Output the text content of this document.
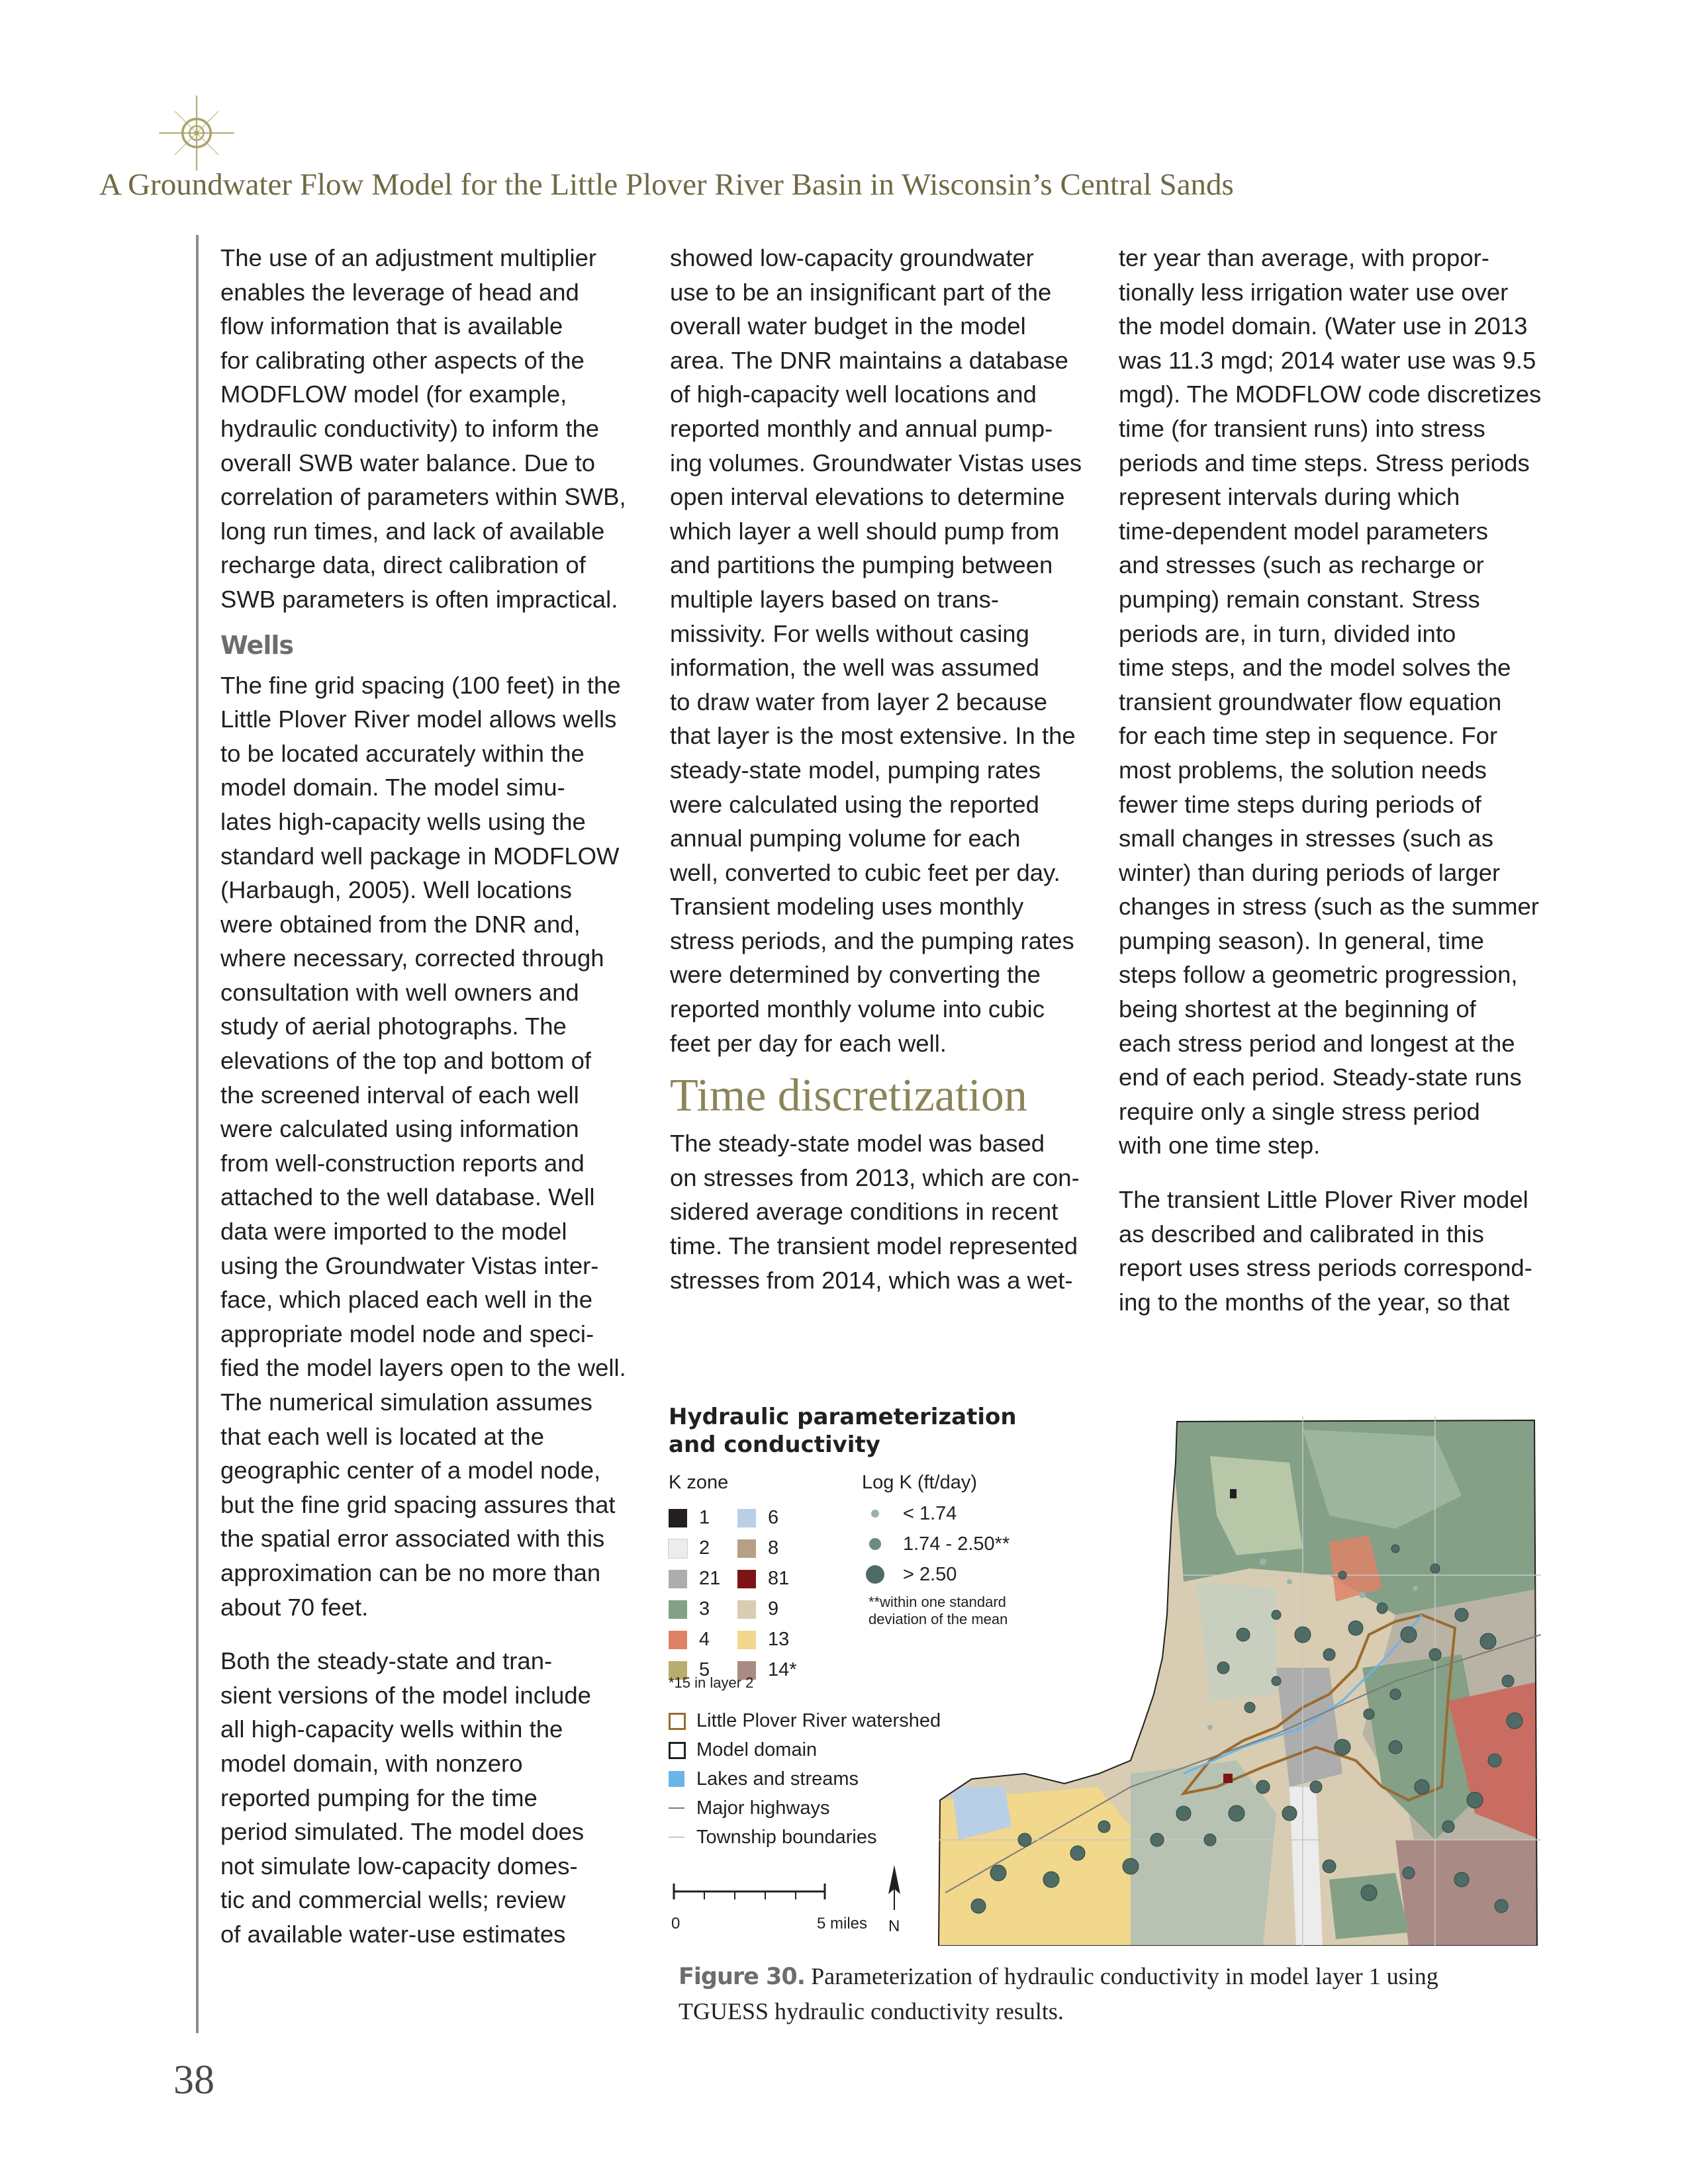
A Groundwater Flow Model for the Little Plover River Basin in Wisconsin’s Central Sands
38

The use of an adjustment multiplier

enables the leverage of head and

flow information that is available

for calibrating other aspects of the

MODFLOW model (for example,

hydraulic conductivity) to inform the

overall SWB water balance. Due to

correlation of parameters within SWB,

long run times, and lack of available

recharge data, direct calibration of

SWB parameters is often impractical.

Wells

The fine grid spacing (100 feet) in the

Little Plover River model allows wells

to be located accurately within the

model domain. The model simu-

lates high-capacity wells using the

standard well package in MODFLOW

(Harbaugh, 2005). Well locations

were obtained from the DNR and,

where necessary, corrected through

consultation with well owners and

study of aerial photographs. The

elevations of the top and bottom of

the screened interval of each well

were calculated using information

from well-construction reports and

attached to the well database. Well

data were imported to the model

using the Groundwater Vistas inter-

face, which placed each well in the

appropriate model node and speci-

fied the model layers open to the well.

The numerical simulation assumes

that each well is located at the

geographic center of a model node,

but the fine grid spacing assures that

the spatial error associated with this

approximation can be no more than

about 70 feet.

Both the steady-state and tran-

sient versions of the model include

all high-capacity wells within the

model domain, with nonzero

reported pumping for the time

period simulated. The model does

not simulate low-capacity domes-

tic and commercial wells; review

of available water-use estimates

showed low-capacity groundwater

use to be an insignificant part of the

overall water budget in the model

area. The DNR maintains a database

of high-capacity well locations and

reported monthly and annual pump-

ing volumes. Groundwater Vistas uses

open interval elevations to determine

which layer a well should pump from

and partitions the pumping between

multiple layers based on trans-

missivity. For wells without casing

information, the well was assumed

to draw water from layer 2 because

that layer is the most extensive. In the

steady-state model, pumping rates

were calculated using the reported

annual pumping volume for each

well, converted to cubic feet per day.

Transient modeling uses monthly

stress periods, and the pumping rates

were determined by converting the

reported monthly volume into cubic

feet per day for each well.

Time discretization

The steady-state model was based

on stresses from 2013, which are con-

sidered average conditions in recent

time. The transient model represented

stresses from 2014, which was a wet-

ter year than average, with propor-

tionally less irrigation water use over

the model domain. (Water use in 2013

was 11.3 mgd; 2014 water use was 9.5

mgd). The MODFLOW code discretizes

time (for transient runs) into stress

periods and time steps. Stress periods

represent intervals during which

time-dependent model parameters

and stresses (such as recharge or

pumping) remain constant. Stress

periods are, in turn, divided into

time steps, and the model solves the

transient groundwater flow equation

for each time step in sequence. For

most problems, the solution needs

fewer time steps during periods of

small changes in stresses (such as

winter) than during periods of larger

changes in stress (such as the summer

pumping season). In general, time

steps follow a geometric progression,

being shortest at the beginning of

each stress period and longest at the

end of each period. Steady-state runs

require only a single stress period

with one time step.

The transient Little Plover River model

as described and calibrated in this

report uses stress periods correspond-

ing to the months of the year, so that

Hydraulic parameterization
and conductivity
K zone
1	6
2	8
21	81
3	9
4	13
5	14*
*15 in layer 2
Log K (ft/day)
< 1.74
1.74 - 2.50**
> 2.50
**within one standard
deviation of the mean
Little Plover River watershed
Model domain
Lakes and streams
Major highways
Township boundaries
0	5 miles N
Figure 30. Parameterization of hydraulic conductivity in model layer 1 using
TGUESS hydraulic conductivity results.
